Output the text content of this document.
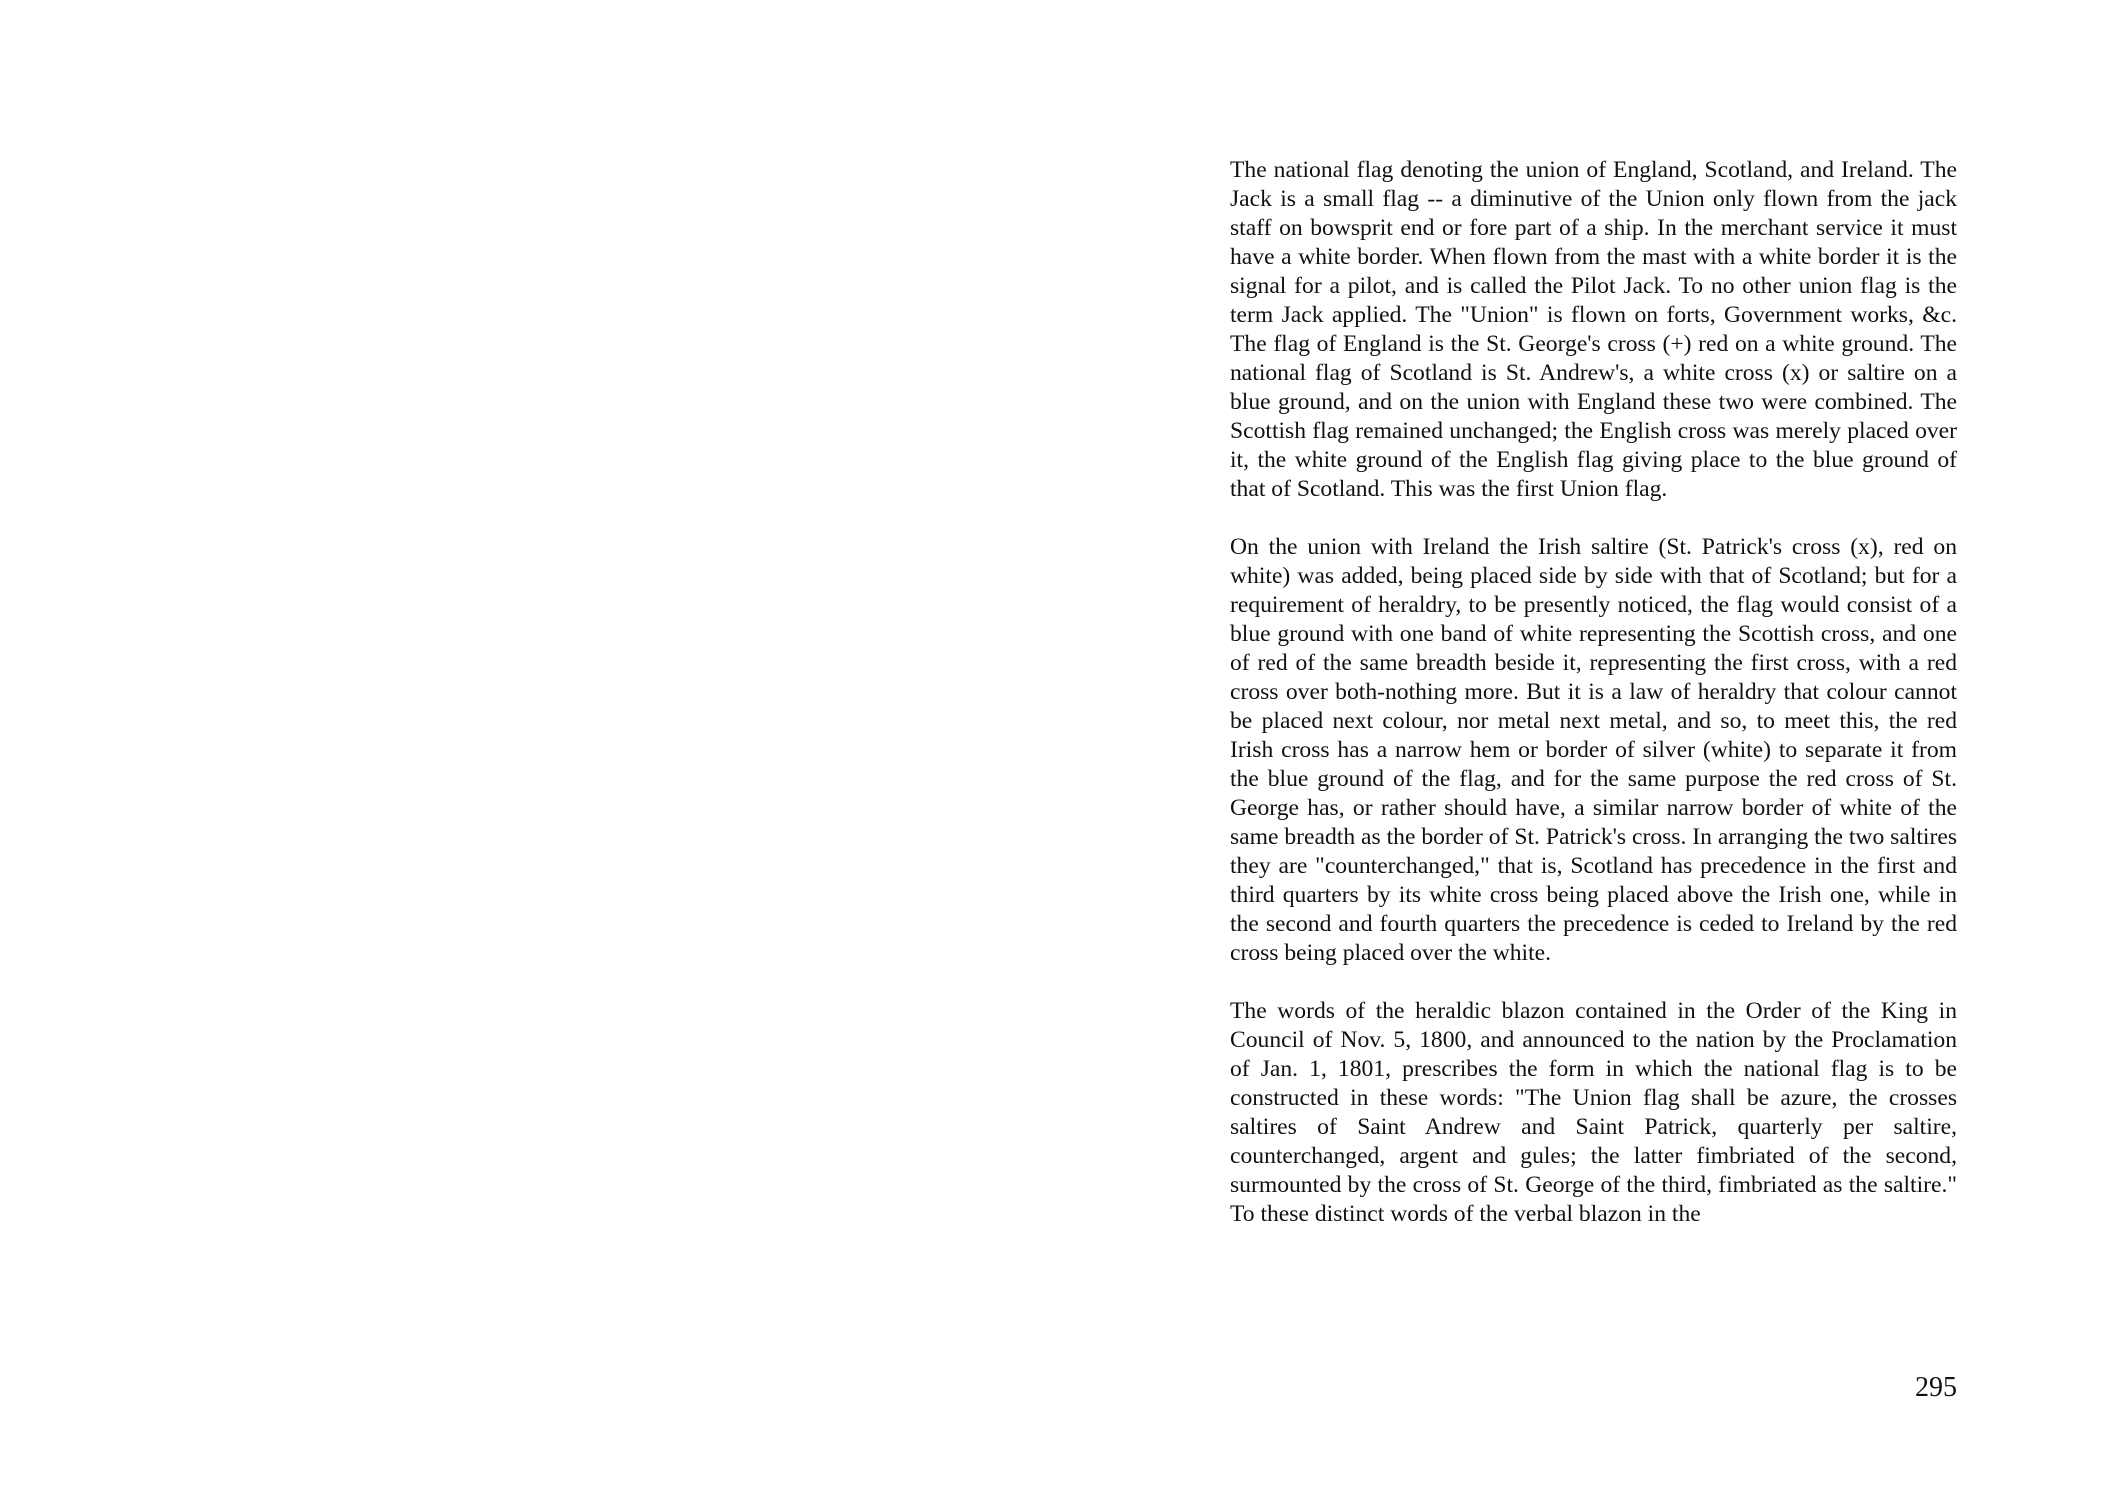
The national flag denoting the union of England, Scotland, and Ireland. The Jack is a small flag -- a diminutive of the Union only flown from the jack staff on bowsprit end or fore part of a ship. In the merchant service it must have a white border. When flown from the mast with a white border it is the signal for a pilot, and is called the Pilot Jack. To no other union flag is the term Jack applied. The "Union" is flown on forts, Government works, &c. The flag of England is the St. George's cross (+) red on a white ground. The national flag of Scotland is St. Andrew's, a white cross (x) or saltire on a blue ground, and on the union with England these two were combined. The Scottish flag remained unchanged; the English cross was merely placed over it, the white ground of the English flag giving place to the blue ground of that of Scotland. This was the first Union flag.

On the union with Ireland the Irish saltire (St. Patrick's cross (x), red on white) was added, being placed side by side with that of Scotland; but for a requirement of heraldry, to be presently noticed, the flag would consist of a blue ground with one band of white representing the Scottish cross, and one of red of the same breadth beside it, representing the first cross, with a red cross over both-nothing more. But it is a law of heraldry that colour cannot be placed next colour, nor metal next metal, and so, to meet this, the red Irish cross has a narrow hem or border of silver (white) to separate it from the blue ground of the flag, and for the same purpose the red cross of St. George has, or rather should have, a similar narrow border of white of the same breadth as the border of St. Patrick's cross. In arranging the two saltires they are "counterchanged," that is, Scotland has precedence in the first and third quarters by its white cross being placed above the Irish one, while in the second and fourth quarters the precedence is ceded to Ireland by the red cross being placed over the white.

The words of the heraldic blazon contained in the Order of the King in Council of Nov. 5, 1800, and announced to the nation by the Proclamation of Jan. 1, 1801, prescribes the form in which the national flag is to be constructed in these words: "The Union flag shall be azure, the crosses saltires of Saint Andrew and Saint Patrick, quarterly per saltire, counterchanged, argent and gules; the latter fimbriated of the second, surmounted by the cross of St. George of the third, fimbriated as the saltire." To these distinct words of the verbal blazon in the

295
